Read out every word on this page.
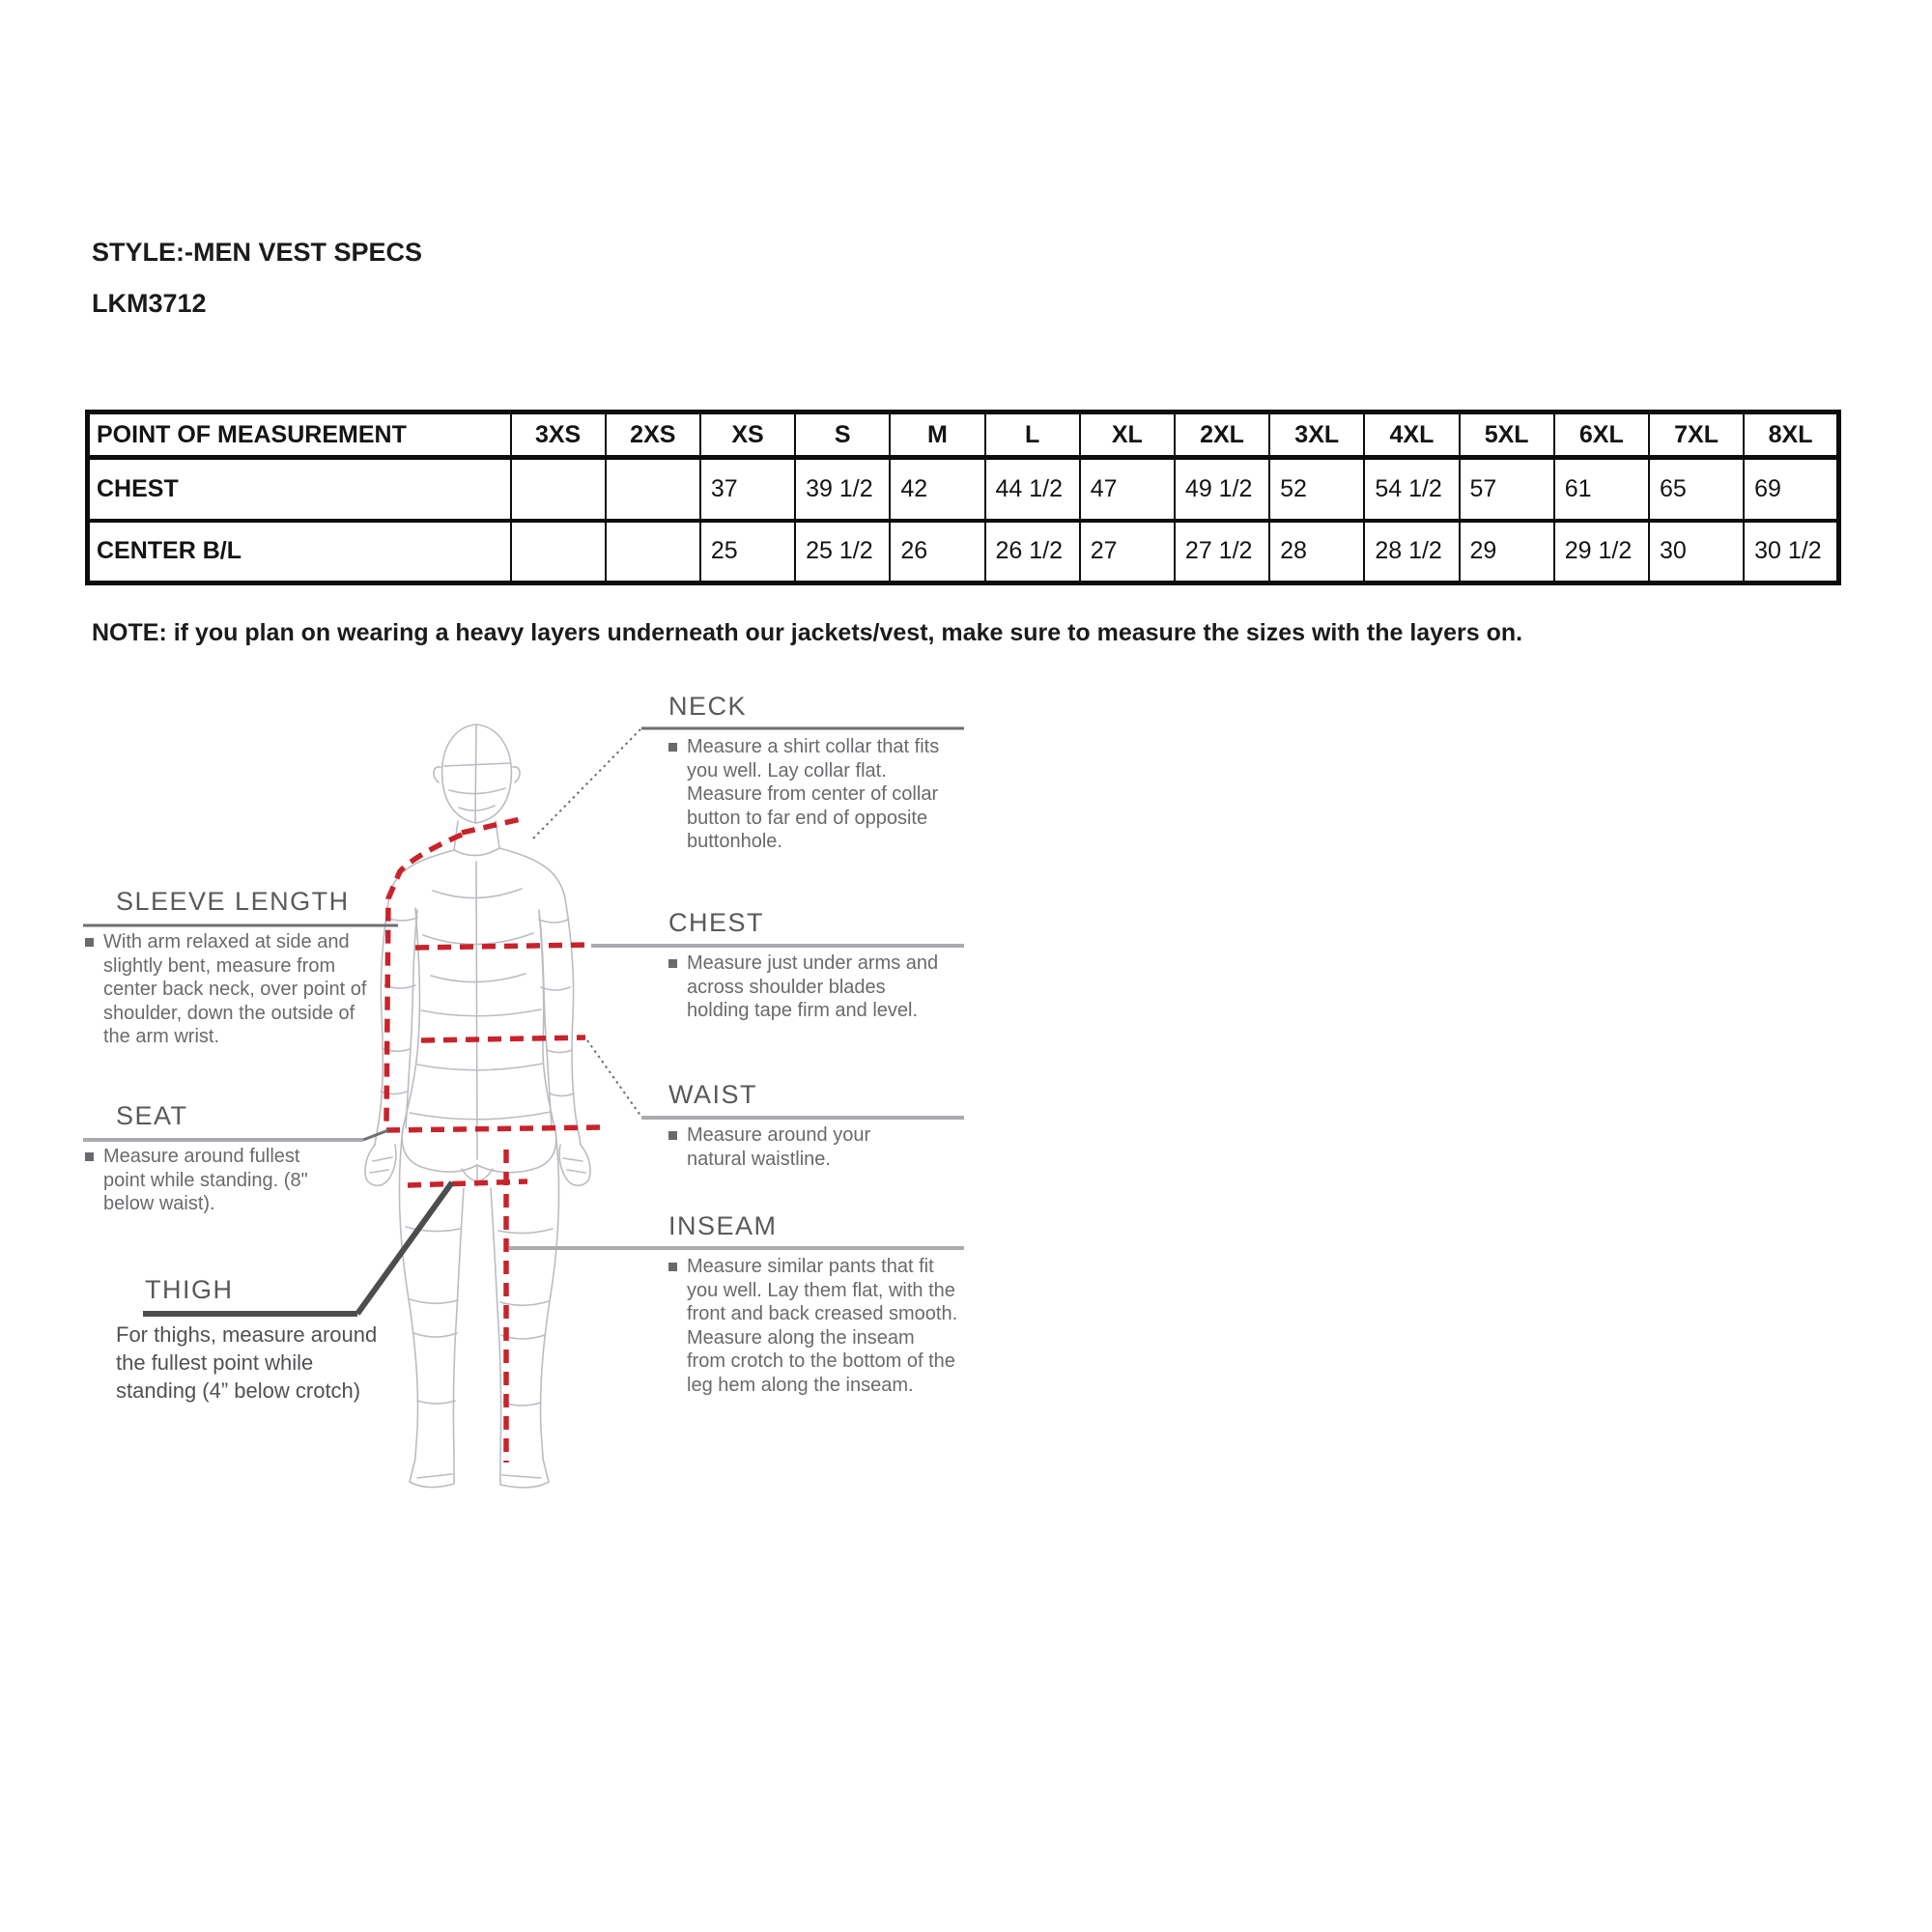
STYLE:-MEN VEST SPECS
LKM3712
POINT OF MEASUREMENT	3XS	2XS	XS	S	M	L	XL	2XL	3XL	4XL	5XL	6XL	7XL	8XL
CHEST			37	39 1/2	42	44 1/2	47	49 1/2	52	54 1/2	57	61	65	69
CENTER B/L			25	25 1/2	26	26 1/2	27	27 1/2	28	28 1/2	29	29 1/2	30	30 1/2
NOTE: if you plan on wearing a heavy layers underneath our jackets/vest, make sure to measure the sizes with the layers on.
NECK

Measure a shirt collar that fits you well. Lay collar flat. Measure from center of collar button to far end of opposite buttonhole.

CHEST

Measure just under arms and across shoulder blades holding tape firm and level.

WAIST

Measure around your natural waistline.

INSEAM

Measure similar pants that fit you well. Lay them flat, with the front and back creased smooth. Measure along the inseam from crotch to the bottom of the leg hem along the inseam.

SLEEVE LENGTH

With arm relaxed at side and slightly bent, measure from center back neck, over point of shoulder, down the outside of the arm wrist.

SEAT

Measure around fullest point while standing. (8" below waist).

THIGH

For thighs, measure around the fullest point while standing (4” below crotch)
